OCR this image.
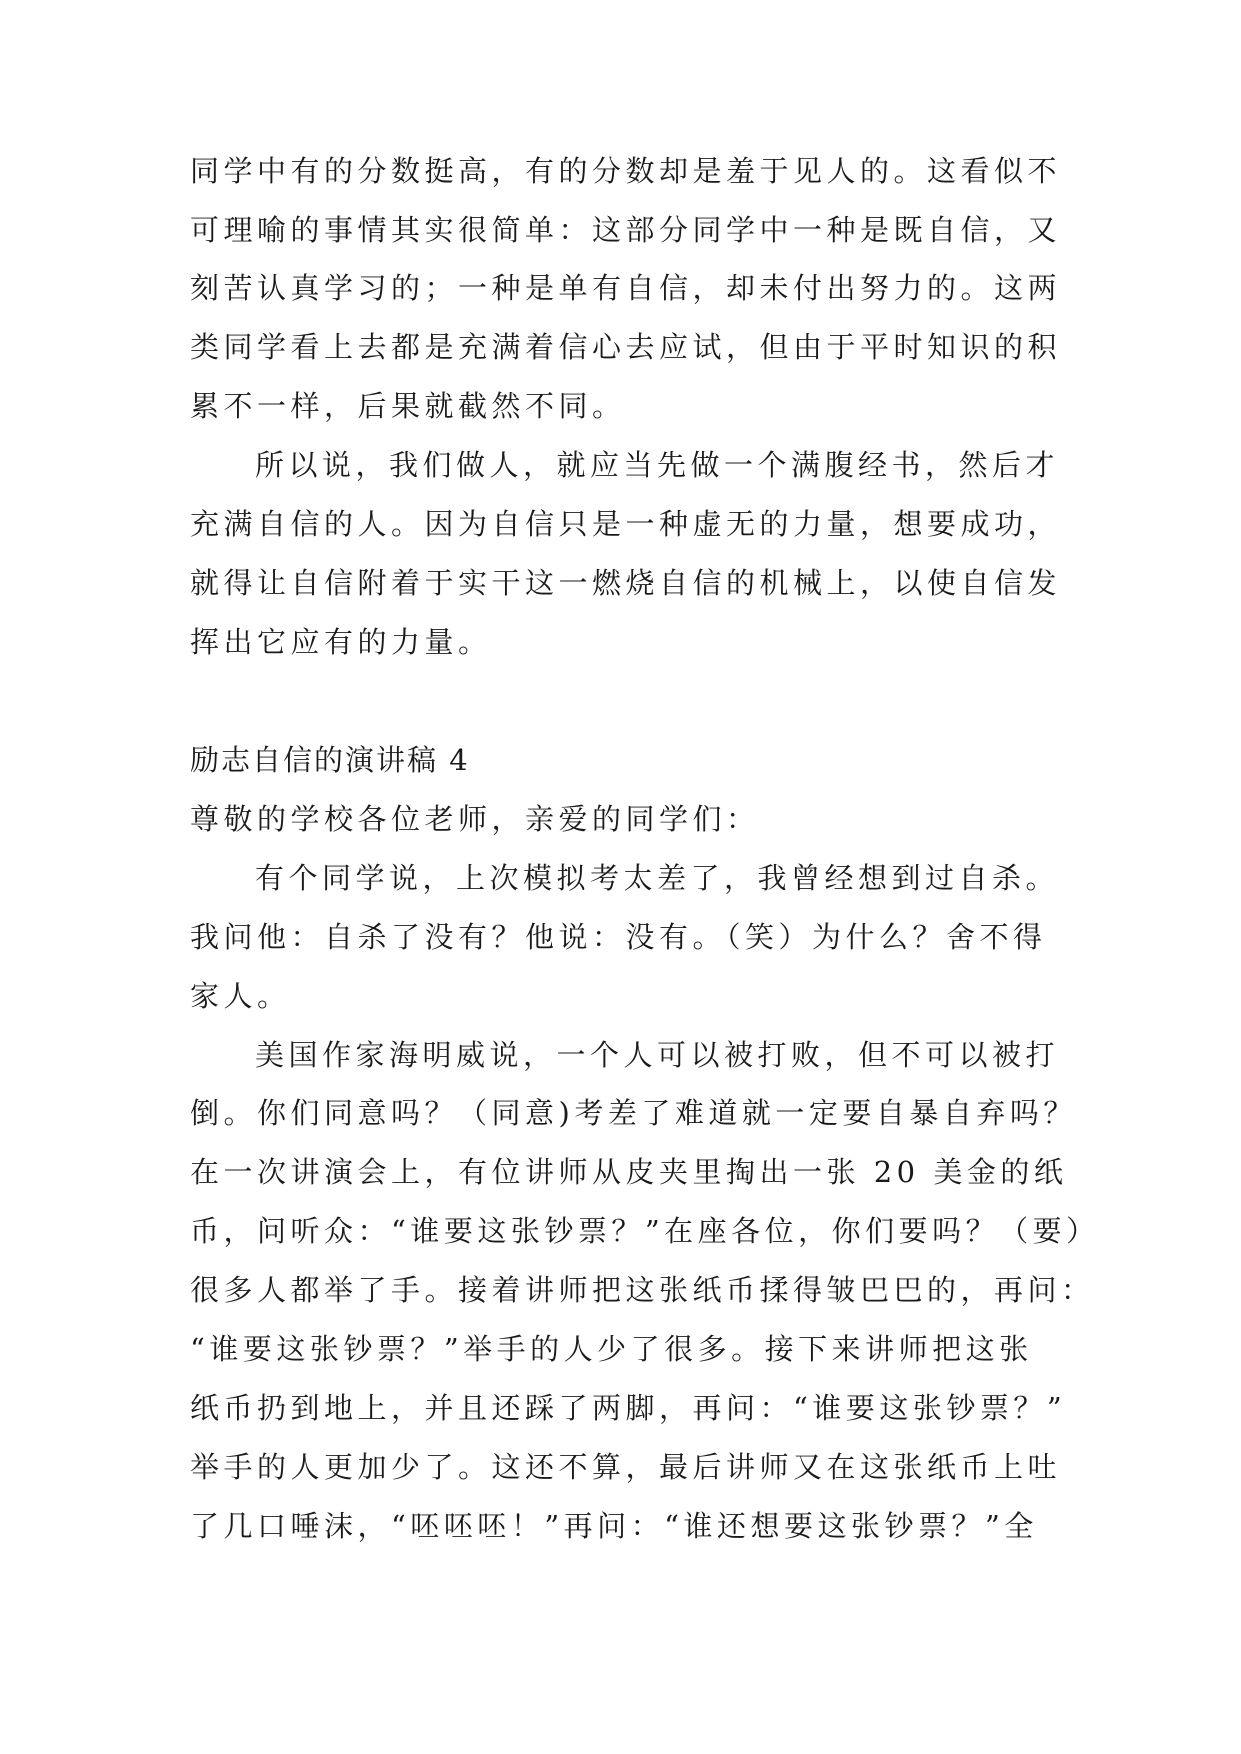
同学中有的分数挺高，有的分数却是羞于见人的。这看似不
可理喻的事情其实很简单：这部分同学中一种是既自信，又
刻苦认真学习的；一种是单有自信，却未付出努力的。这两
类同学看上去都是充满着信心去应试，但由于平时知识的积
累不一样，后果就截然不同。
所以说，我们做人，就应当先做一个满腹经书，然后才
充满自信的人。因为自信只是一种虚无的力量，想要成功，
就得让自信附着于实干这一燃烧自信的机械上，以使自信发
挥出它应有的力量。
励志自信的演讲稿 4
尊敬的学校各位老师，亲爱的同学们：
有个同学说，上次模拟考太差了，我曾经想到过自杀。
我问他：自杀了没有？他说：没有。（笑）为什么？舍不得
家人。
美国作家海明威说，一个人可以被打败，但不可以被打
倒。你们同意吗？（同意)考差了难道就一定要自暴自弃吗？
在一次讲演会上，有位讲师从皮夹里掏出一张 20 美金的纸
币，问听众：“谁要这张钞票？”在座各位，你们要吗？（要）
很多人都举了手。接着讲师把这张纸币揉得皱巴巴的，再问：
“谁要这张钞票？”举手的人少了很多。接下来讲师把这张
纸币扔到地上，并且还踩了两脚，再问：“谁要这张钞票？”
举手的人更加少了。这还不算，最后讲师又在这张纸币上吐
了几口唾沫，“呸呸呸！”再问：“谁还想要这张钞票？”全
